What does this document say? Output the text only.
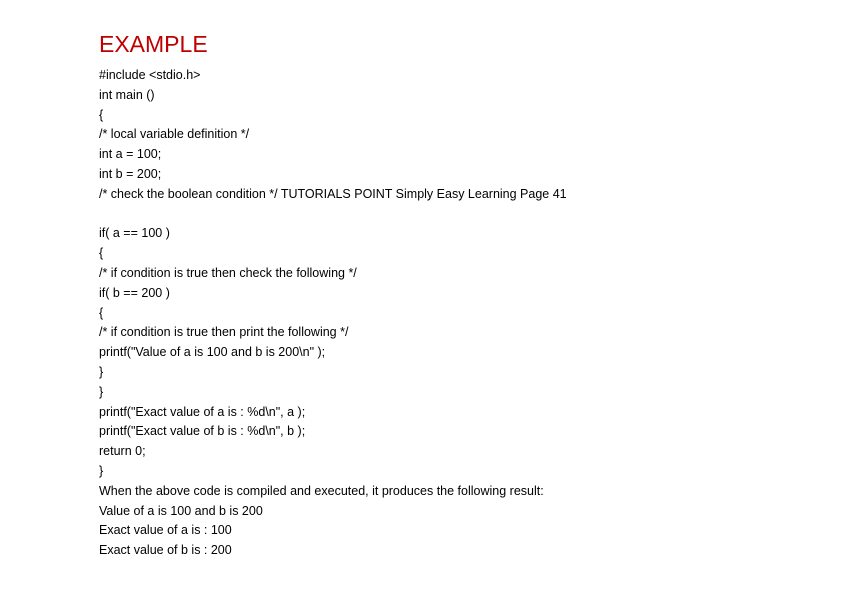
EXAMPLE
#include <stdio.h>
int main ()
{
/* local variable definition */
int a = 100;
int b = 200;
/* check the boolean condition */ TUTORIALS POINT Simply Easy Learning Page 41
if( a == 100 )
{
/* if condition is true then check the following */
if( b == 200 )
{
/* if condition is true then print the following */
printf("Value of a is 100 and b is 200\n" );
}
}
printf("Exact value of a is : %d\n", a );
printf("Exact value of b is : %d\n", b );
return 0;
}
When the above code is compiled and executed, it produces the following result:
Value of a is 100 and b is 200
Exact value of a is : 100
Exact value of b is : 200
